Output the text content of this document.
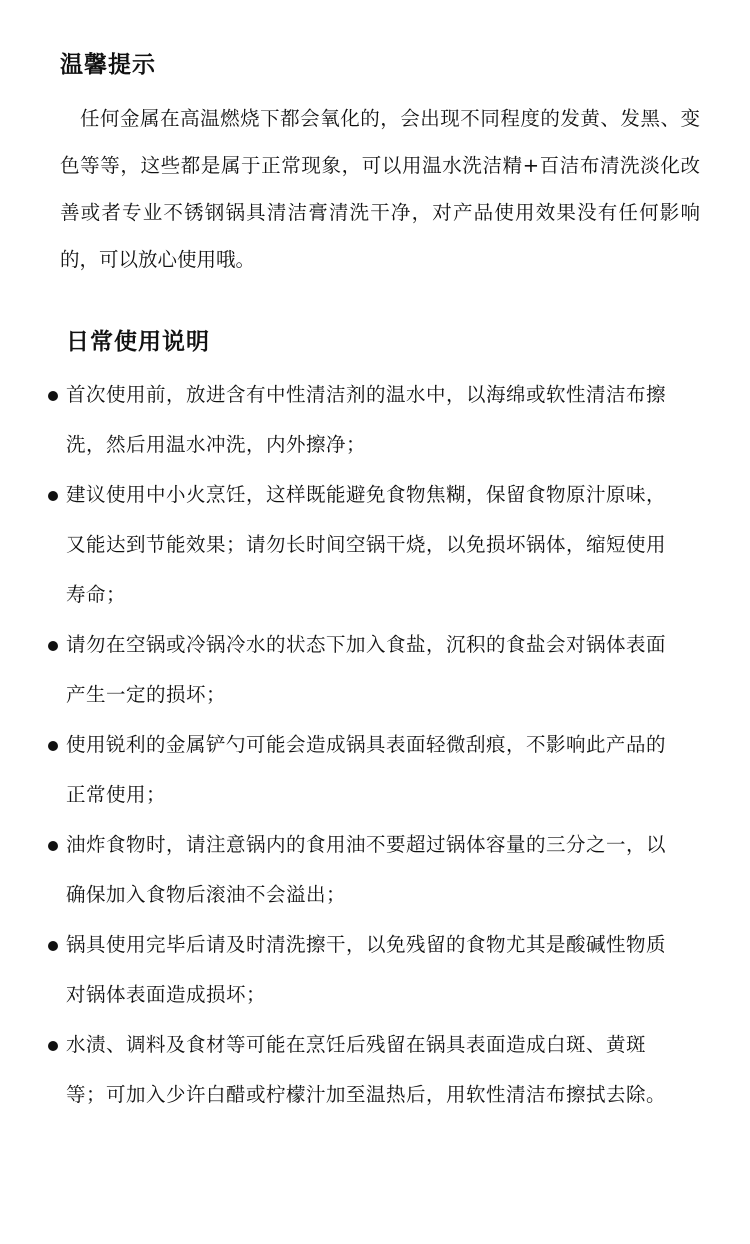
温馨提示

任何金属在高温燃烧下都会氧化的，会出现不同程度的发黄、发黑、变色等等，这些都是属于正常现象，可以用温水洗洁精+百洁布清洗淡化改善或者专业不锈钢锅具清洁膏清洗干净，对产品使用效果没有任何影响的，可以放心使用哦。

日常使用说明
首次使用前，放进含有中性清洁剂的温水中，以海绵或软性清洁布擦洗，然后用温水冲洗，内外擦净；
建议使用中小火烹饪，这样既能避免食物焦糊，保留食物原汁原味，又能达到节能效果；请勿长时间空锅干烧，以免损坏锅体，缩短使用寿命；
请勿在空锅或冷锅冷水的状态下加入食盐，沉积的食盐会对锅体表面产生一定的损坏；
使用锐利的金属铲勺可能会造成锅具表面轻微刮痕，不影响此产品的正常使用；
油炸食物时，请注意锅内的食用油不要超过锅体容量的三分之一，以确保加入食物后滚油不会溢出；
锅具使用完毕后请及时清洗擦干，以免残留的食物尤其是酸碱性物质对锅体表面造成损坏；
水渍、调料及食材等可能在烹饪后残留在锅具表面造成白斑、黄斑等；可加入少许白醋或柠檬汁加至温热后，用软性清洁布擦拭去除。
